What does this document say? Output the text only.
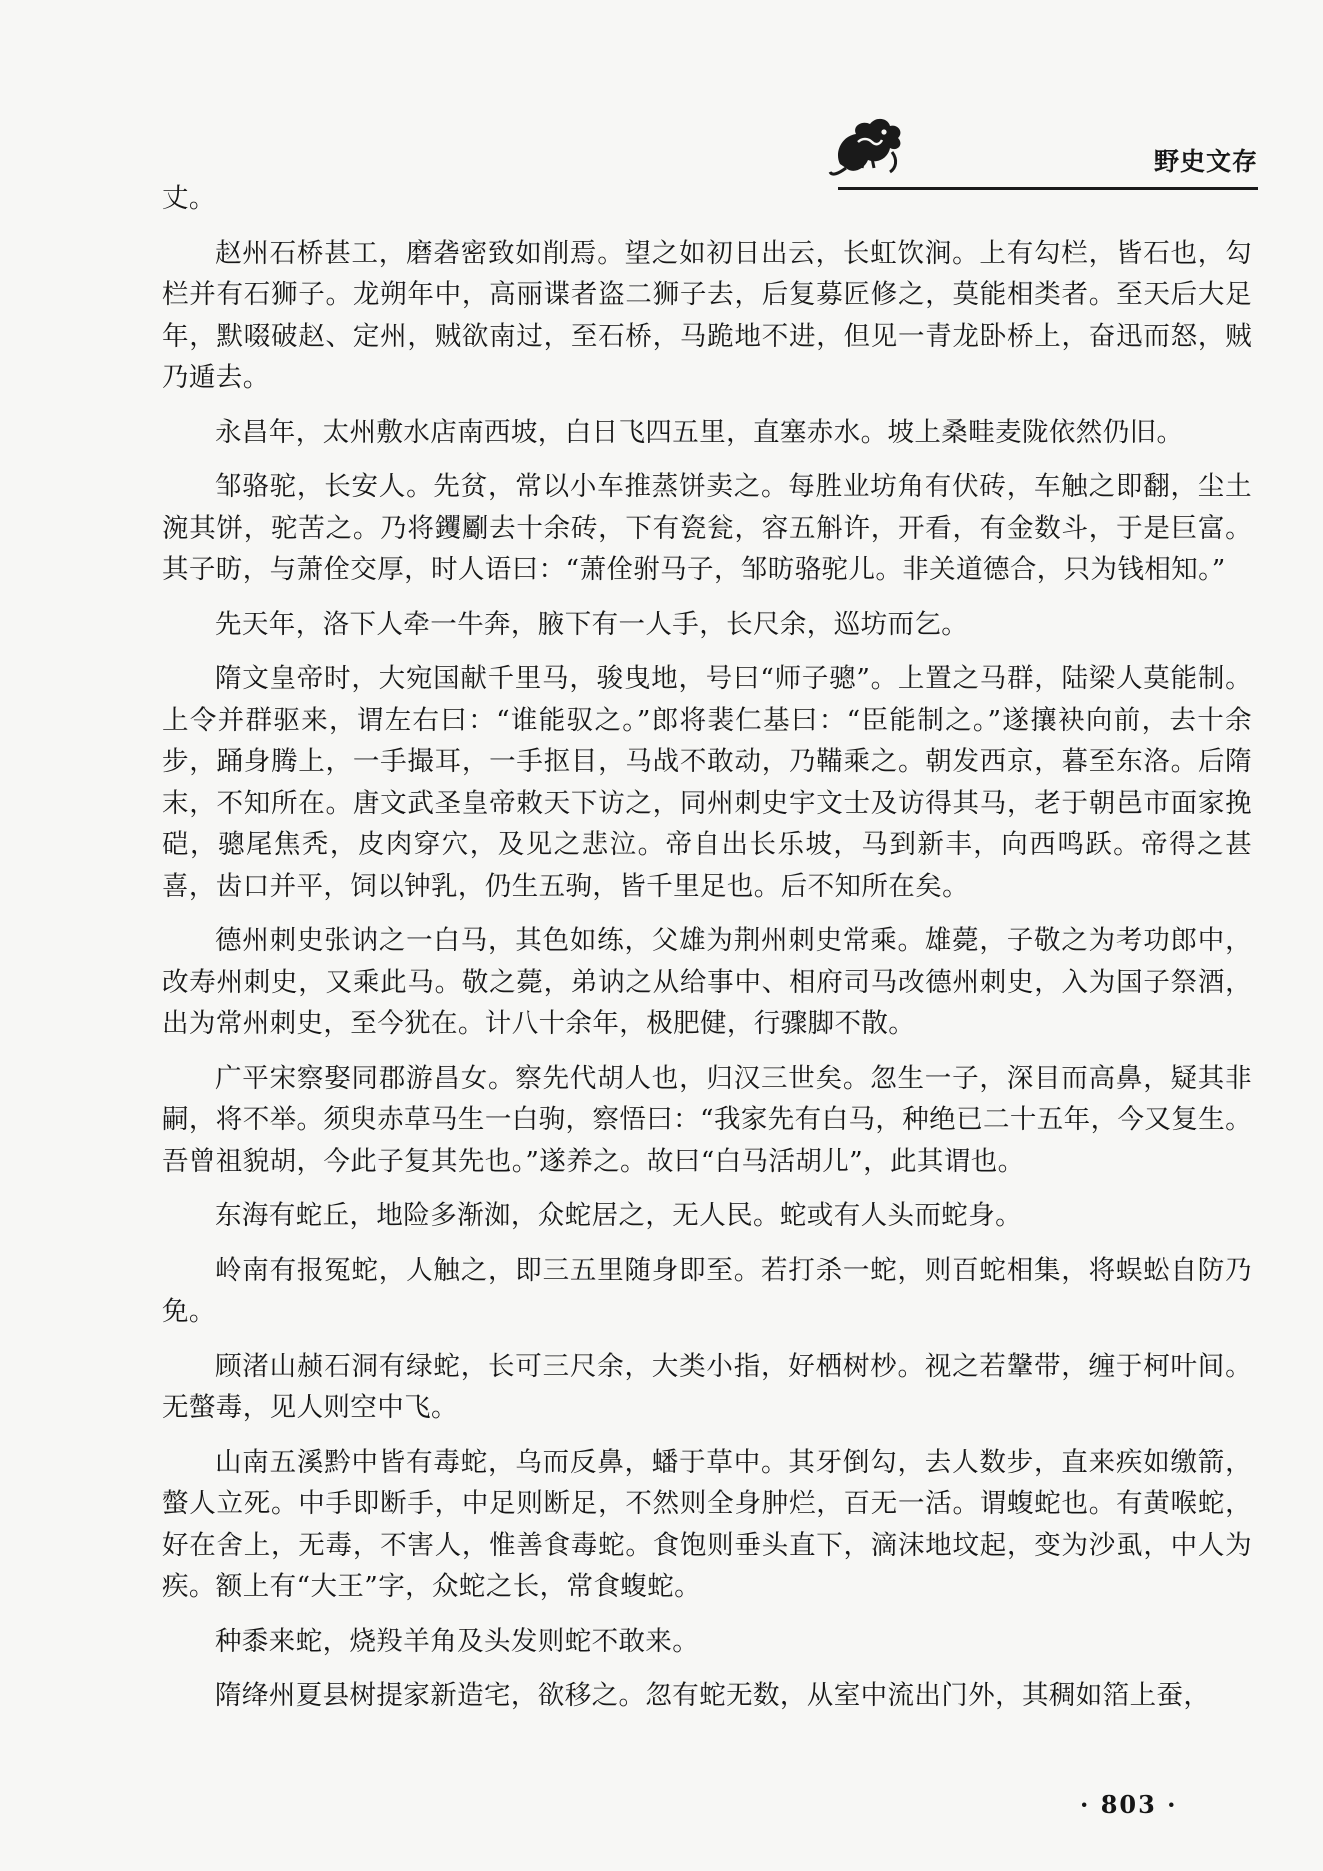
野史文存

丈。

赵州石桥甚工，磨砻密致如削焉。望之如初日出云，长虹饮涧。上有勾栏，皆石也，勾栏并有石狮子。龙朔年中，高丽谍者盗二狮子去，后复募匠修之，莫能相类者。至天后大足年，默啜破赵、定州，贼欲南过，至石桥，马跪地不进，但见一青龙卧桥上，奋迅而怒，贼乃遁去。

永昌年，太州敷水店南西坡，白日飞四五里，直塞赤水。坡上桑畦麦陇依然仍旧。

邹骆驼，长安人。先贫，常以小车推蒸饼卖之。每胜业坊角有伏砖，车触之即翻，尘土涴其饼，驼苦之。乃将钁劚去十余砖，下有瓷瓮，容五斛许，开看，有金数斗，于是巨富。其子昉，与萧佺交厚，时人语曰：“萧佺驸马子，邹昉骆驼儿。非关道德合，只为钱相知。”

先天年，洛下人牵一牛奔，腋下有一人手，长尺余，巡坊而乞。

隋文皇帝时，大宛国献千里马，骏曳地，号曰“师子骢”。上置之马群，陆梁人莫能制。上令并群驱来，谓左右曰：“谁能驭之。”郎将裴仁基曰：“臣能制之。”遂攘袂向前，去十余步，踊身腾上，一手撮耳，一手抠目，马战不敢动，乃鞴乘之。朝发西京，暮至东洛。后隋末，不知所在。唐文武圣皇帝敕天下访之，同州刺史宇文士及访得其马，老于朝邑市面家挽硙，骢尾焦秃，皮肉穿穴，及见之悲泣。帝自出长乐坡，马到新丰，向西鸣跃。帝得之甚喜，齿口并平，饲以钟乳，仍生五驹，皆千里足也。后不知所在矣。

德州刺史张讷之一白马，其色如练，父雄为荆州刺史常乘。雄薨，子敬之为考功郎中，改寿州刺史，又乘此马。敬之薨，弟讷之从给事中、相府司马改德州刺史，入为国子祭酒，出为常州刺史，至今犹在。计八十余年，极肥健，行骤脚不散。

广平宋察娶同郡游昌女。察先代胡人也，归汉三世矣。忽生一子，深目而高鼻，疑其非嗣，将不举。须臾赤草马生一白驹，察悟曰：“我家先有白马，种绝已二十五年，今又复生。吾曾祖貌胡，今此子复其先也。”遂养之。故曰“白马活胡儿”，此其谓也。

东海有蛇丘，地险多渐洳，众蛇居之，无人民。蛇或有人头而蛇身。

岭南有报冤蛇，人触之，即三五里随身即至。若打杀一蛇，则百蛇相集，将蜈蚣自防乃免。

顾渚山赪石洞有绿蛇，长可三尺余，大类小指，好栖树杪。视之若鞶带，缠于柯叶间。无螫毒，见人则空中飞。

山南五溪黔中皆有毒蛇，乌而反鼻，蟠于草中。其牙倒勾，去人数步，直来疾如缴箭，螫人立死。中手即断手，中足则断足，不然则全身肿烂，百无一活。谓蝮蛇也。有黄喉蛇，好在舍上，无毒，不害人，惟善食毒蛇。食饱则垂头直下，滴沫地坟起，变为沙虱，中人为疾。额上有“大王”字，众蛇之长，常食蝮蛇。

种黍来蛇，烧羖羊角及头发则蛇不敢来。

隋绛州夏县树提家新造宅，欲移之。忽有蛇无数，从室中流出门外，其稠如箔上蚕，

· 803 ·
